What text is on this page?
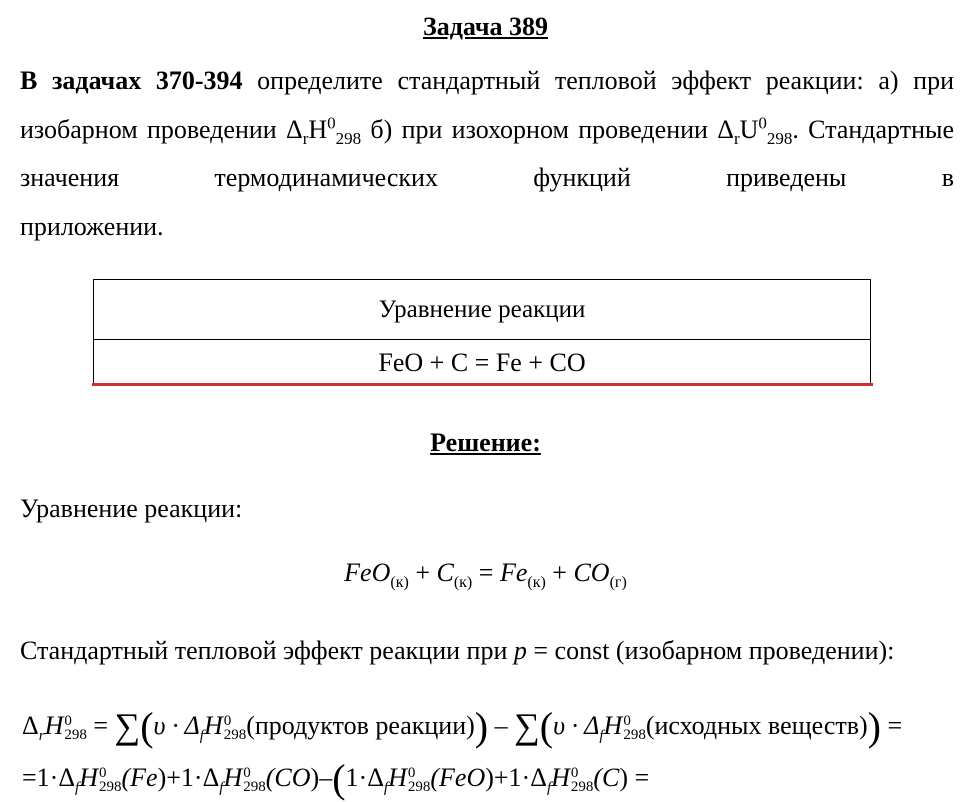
Задача 389
В задачах 370-394 определите стандартный тепловой эффект реакции: а) при изобарном проведении $\Delta_rH^0_{298}$ б) при изохорном проведении $\Delta_rU^0_{298}$. Стандартные значения термодинамических функций приведены в
приложении.
Уравнение реакции
FeO + C = Fe + CO
Решение:
Уравнение реакции:
$FeO_{(к)} + C_{(к)} = Fe_{(к)} + CO_{(г)}$
Стандартный тепловой эффект реакции при p = const (изобарном проведении):
$\Delta_rH$ 0
$298 = \sum(\upsilon \cdot \Delta_fH$ 0
298 (продуктов реакции)) – $\sum(\upsilon \cdot \Delta_fH$ 0
298 (исходных веществ)) =
$=1\cdot\Delta_fH$ 0
298 $(Fe)+1\cdot\Delta_fH$ 0
298 $(CO)-(1\cdot\Delta_fH$ 0
298 $(FeO)+1\cdot\Delta_fH$ 0
298 (C) =
